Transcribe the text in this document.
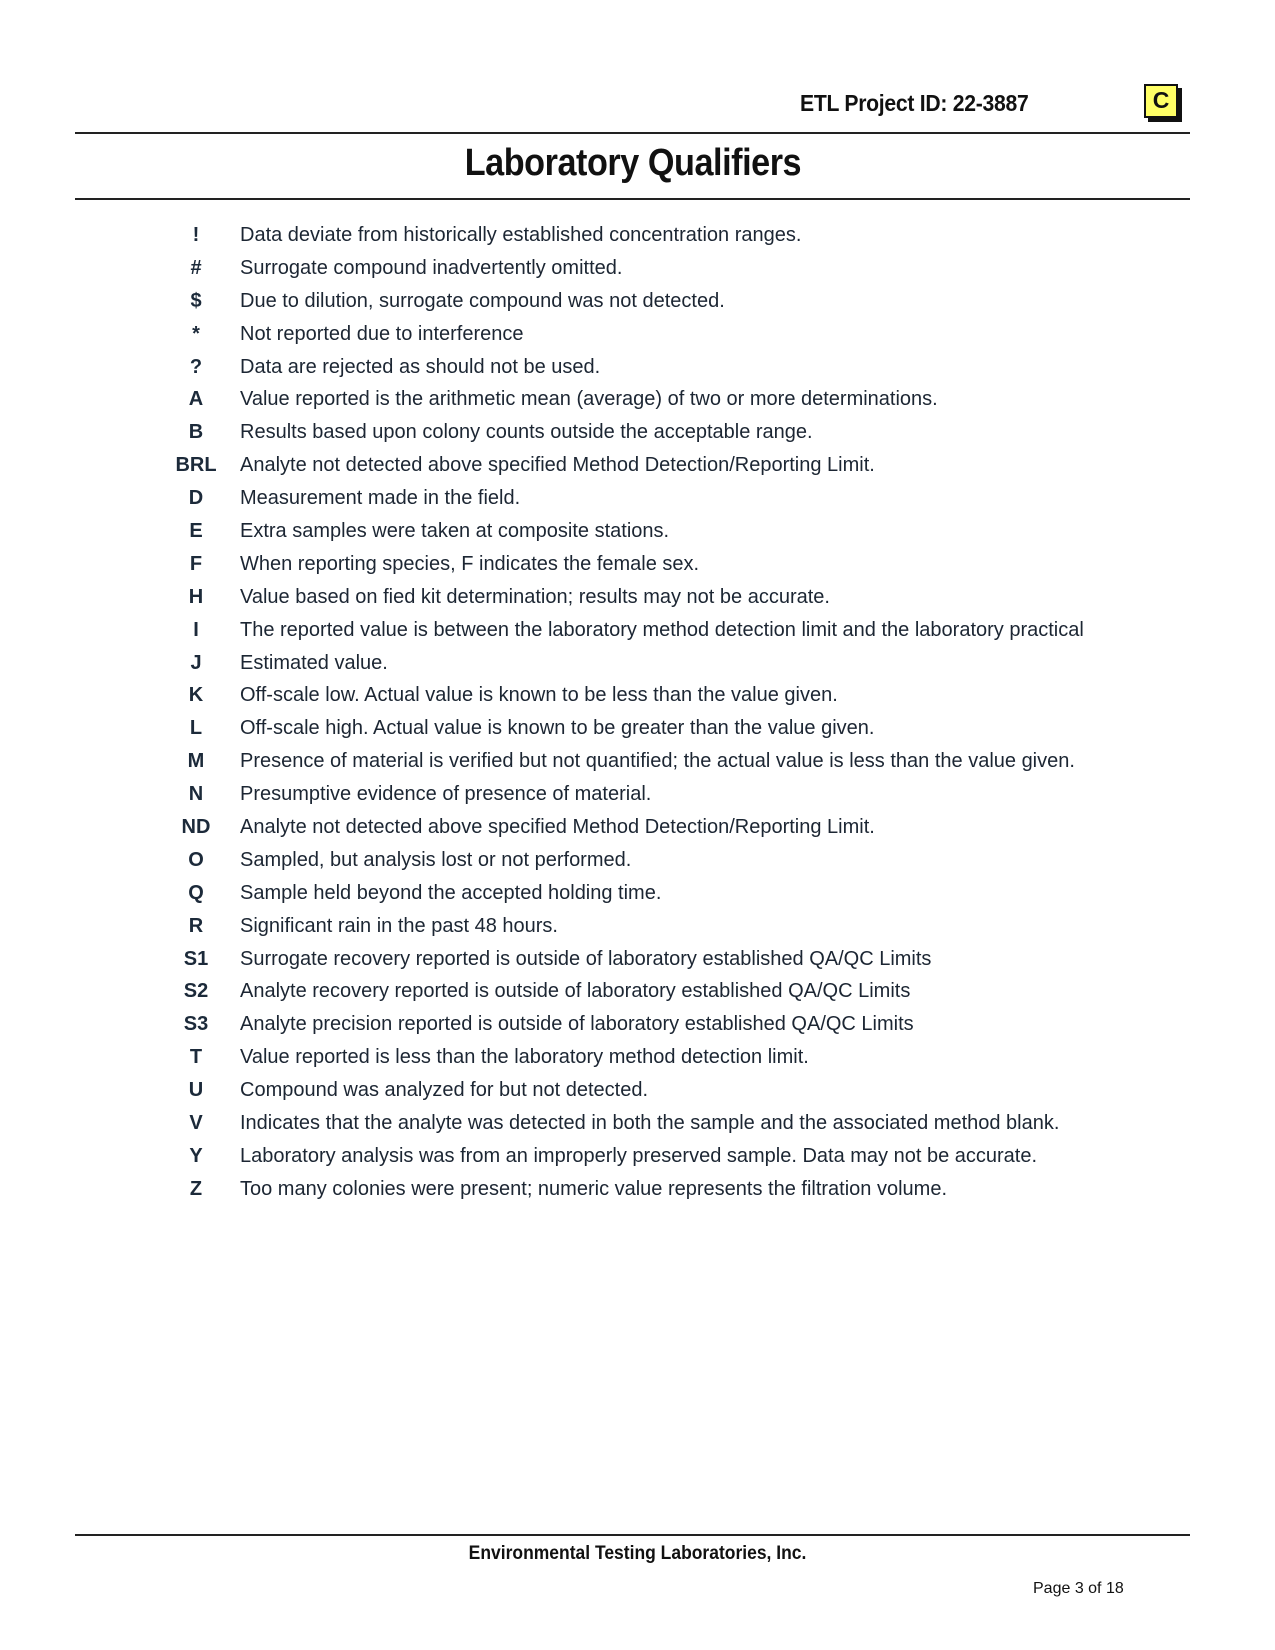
ETL Project ID: 22-3887	C
Laboratory Qualifiers
!	Data deviate from historically established concentration ranges.
#	Surrogate compound inadvertently omitted.
$	Due to dilution, surrogate compound was not detected.
*	Not reported due to interference
?	Data are rejected as should not be used.
A	Value reported is the arithmetic mean (average) of two or more determinations.
B	Results based upon colony counts outside the acceptable range.
BRL	Analyte not detected above specified Method Detection/Reporting Limit.
D	Measurement made in the field.
E	Extra samples were taken at composite stations.
F	When reporting species, F indicates the female sex.
H	Value based on fied kit determination; results may not be accurate.
I	The reported value is between the laboratory method detection limit and the laboratory practical
J	Estimated value.
K	Off-scale low. Actual value is known to be less than the value given.
L	Off-scale high. Actual value is known to be greater than the value given.
M	Presence of material is verified but not quantified; the actual value is less than the value given.
N	Presumptive evidence of presence of material.
ND	Analyte not detected above specified Method Detection/Reporting Limit.
O	Sampled, but analysis lost or not performed.
Q	Sample held beyond the accepted holding time.
R	Significant rain in the past 48 hours.
S1	Surrogate recovery reported is outside of laboratory established QA/QC Limits
S2	Analyte recovery reported is outside of laboratory established QA/QC Limits
S3	Analyte precision reported is outside of laboratory established QA/QC Limits
T	Value reported is less than the laboratory method detection limit.
U	Compound was analyzed for but not detected.
V	Indicates that the analyte was detected in both the sample and the associated method blank.
Y	Laboratory analysis was from an improperly preserved sample. Data may not be accurate.
Z	Too many colonies were present; numeric value represents the filtration volume.
Environmental Testing Laboratories, Inc.
Page 3 of 18
